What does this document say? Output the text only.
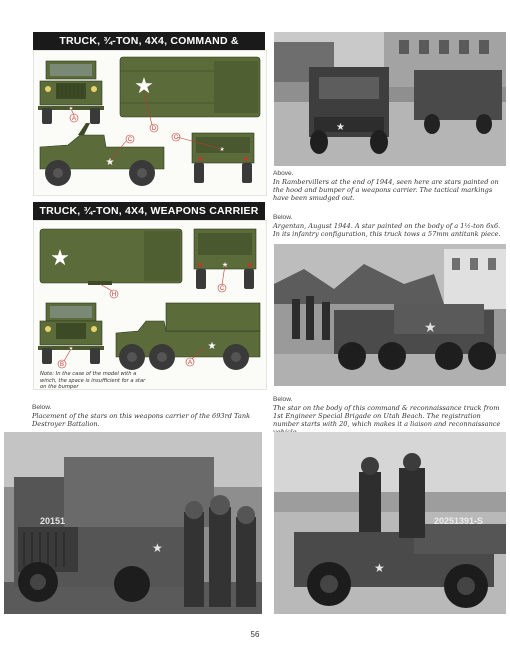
TRUCK, ¾-TON, 4X4, COMMAND &
★
★
★
★
A
D
C	C
★
Above.
In Rambervillers at the end of 1944, seen here are stars painted on the hood and bumper of a weapons carrier. The tactical markings have been smudged out.
TRUCK, ¾-TON, 4X4, WEAPONS CARRIER
★	★
★	★
H
C
B	A
Note: In the case of the model with a winch, the space is insufficient for a star on the bumper
Below.
Argentan, August 1944. A star painted on the body of a 1½-ton 6x6. In its infantry configuration, this truck tows a 57mm antitank piece.
★
Below.
The star on the body of this command & reconnaissance truck from 1st Engineer Special Brigade on Utah Beach. The registration number starts with 20, which makes it a liaison and reconnaissance
Below.
Placement of the stars on this weapons carrier of the 693rd Tank Destroyer Battalion.
20151
★
20251391-S
★
56
